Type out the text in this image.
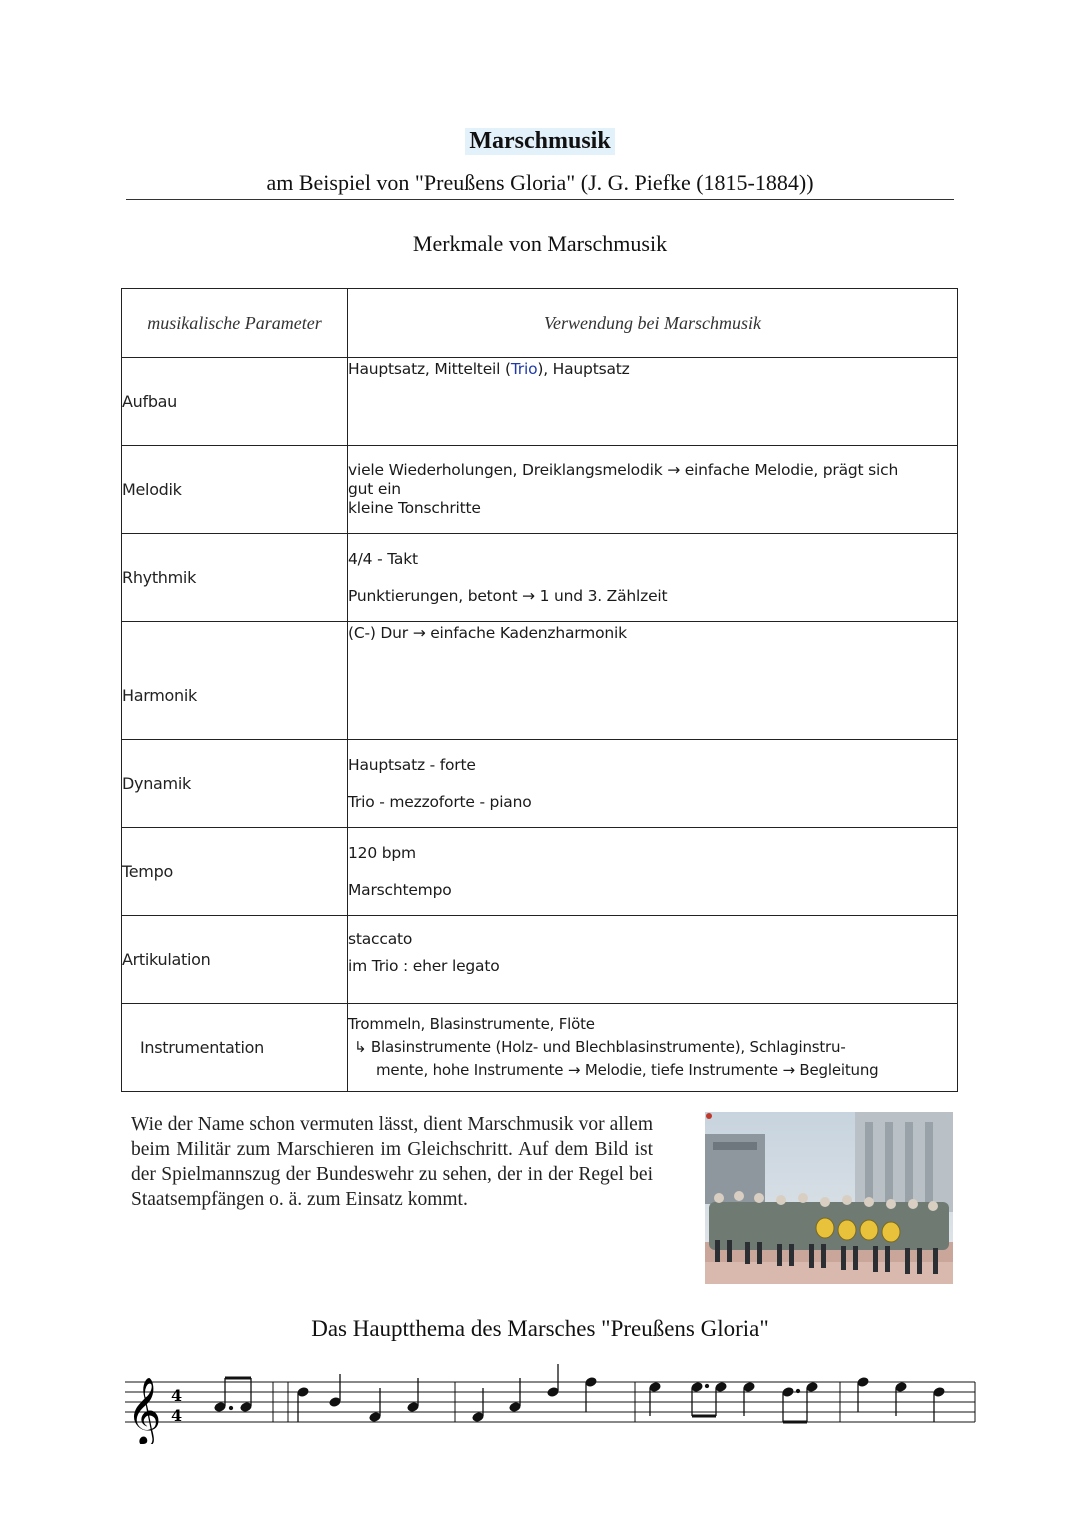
Marschmusik
am Beispiel von "Preußens Gloria" (J. G. Piefke (1815-1884))
Merkmale von Marschmusik
musikalische Parameter	Verwendung bei Marschmusik
Aufbau	Hauptsatz, Mittelteil (Trio), Hauptsatz

Melodik	viele Wiederholungen, Dreiklangsmelodik → einfache Melodie, prägt sich
gut ein
kleine Tonschritte

Rhythmik	4/4 - Takt
Punktierungen, betont → 1 und 3. Zählzeit

Harmonik	(C-) Dur → einfache Kadenzharmonik

Dynamik	Hauptsatz - forte
Trio - mezzoforte - piano

Tempo	120 bpm
Marschtempo

Artikulation	staccato
im Trio : eher legato

Instrumentation	Trommeln, Blasinstrumente, Flöte
↳ Blasinstrumente (Holz- und Blechblasinstrumente), Schlaginstru-
mente, hohe Instrumente → Melodie, tiefe Instrumente → Begleitung
Wie der Name schon vermuten lässt, dient Marschmusik vor allem beim Militär zum Marschieren im Gleichschritt. Auf dem Bild ist der Spielmannszug der Bundeswehr zu sehen, der in der Regel bei Staatsempfängen o. ä. zum Einsatz kommt.
Das Hauptthema des Marsches "Preußens Gloria"
𝄞 4
4
